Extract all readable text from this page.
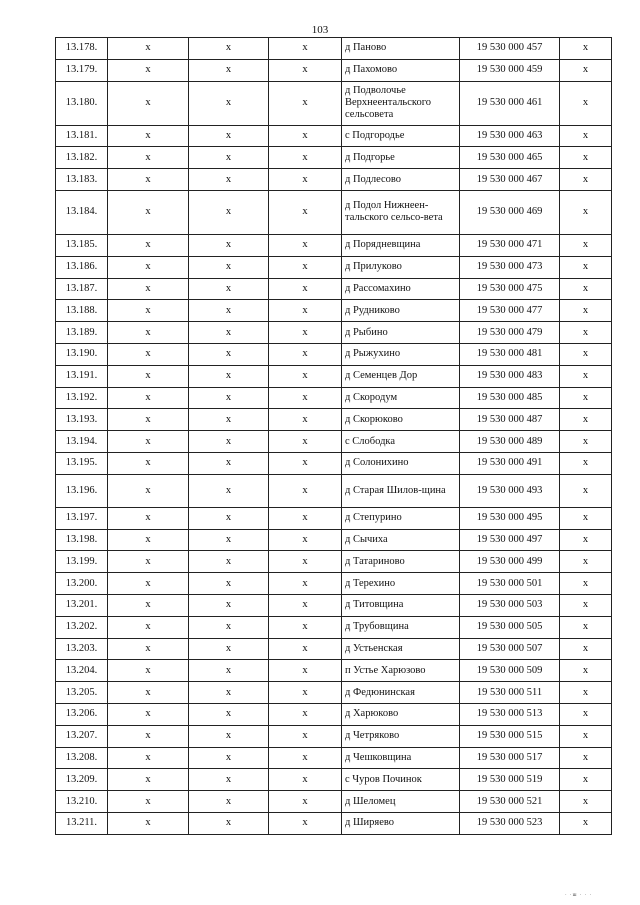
103
13.178.	x	x	x	д Паново	19 530 000 457	x
13.179.	x	x	x	д Пахомово	19 530 000 459	x
13.180.	x	x	x	д Подволочье Верхнеентальского сельсовета	19 530 000 461	x
13.181.	x	x	x	с Подгородье	19 530 000 463	x
13.182.	x	x	x	д Подгорье	19 530 000 465	x
13.183.	x	x	x	д Подлесово	19 530 000 467	x
13.184.	x	x	x	д Подол Нижнеен-тальского сельсо-вета	19 530 000 469	x
13.185.	x	x	x	д Порядневщина	19 530 000 471	x
13.186.	x	x	x	д Прилуково	19 530 000 473	x
13.187.	x	x	x	д Рассомахино	19 530 000 475	x
13.188.	x	x	x	д Рудниково	19 530 000 477	x
13.189.	x	x	x	д Рыбино	19 530 000 479	x
13.190.	x	x	x	д Рыжухино	19 530 000 481	x
13.191.	x	x	x	д Семенцев Дор	19 530 000 483	x
13.192.	x	x	x	д Скородум	19 530 000 485	x
13.193.	x	x	x	д Скорюково	19 530 000 487	x
13.194.	x	x	x	с Слободка	19 530 000 489	x
13.195.	x	x	x	д Солонихино	19 530 000 491	x
13.196.	x	x	x	д Старая Шилов-щина	19 530 000 493	x
13.197.	x	x	x	д Степурино	19 530 000 495	x
13.198.	x	x	x	д Сычиха	19 530 000 497	x
13.199.	x	x	x	д Татариново	19 530 000 499	x
13.200.	x	x	x	д Терехино	19 530 000 501	x
13.201.	x	x	x	д Титовщина	19 530 000 503	x
13.202.	x	x	x	д Трубовщина	19 530 000 505	x
13.203.	x	x	x	д Устьенская	19 530 000 507	x
13.204.	x	x	x	п Устье Харюзово	19 530 000 509	x
13.205.	x	x	x	д Федюнинская	19 530 000 511	x
13.206.	x	x	x	д Харюково	19 530 000 513	x
13.207.	x	x	x	д Четряково	19 530 000 515	x
13.208.	x	x	x	д Чешковщина	19 530 000 517	x
13.209.	x	x	x	с Чуров Починок	19 530 000 519	x
13.210.	x	x	x	д Шеломец	19 530 000 521	x
13.211.	x	x	x	д Ширяево	19 530 000 523	x
· ·ш · · ·
